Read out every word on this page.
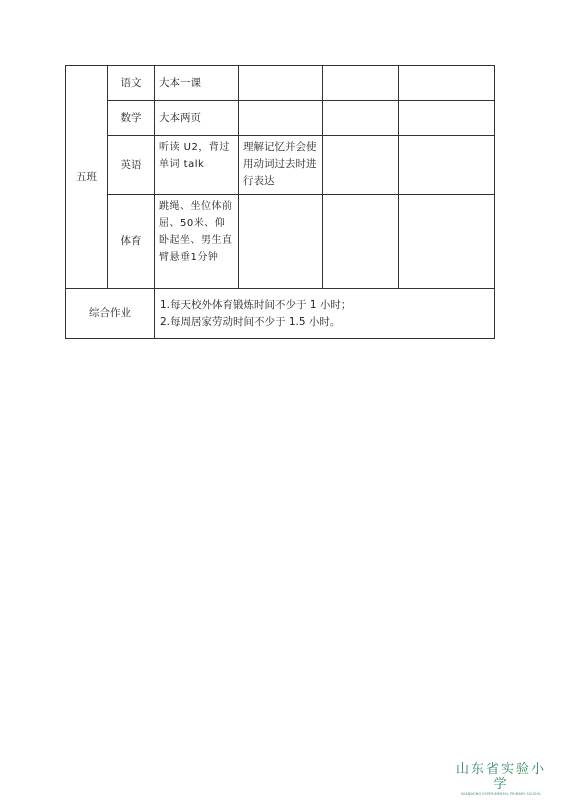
五班	语文	大本一课			
	数学	大本两页			
	英语	听读 U2，背过单词 talk	理解记忆并会使用动词过去时进行表达		
	体育	跳绳、坐位体前屈、50米、仰卧起坐、男生直臂悬垂1分钟			
综合作业		1.每天校外体育锻炼时间不少于 1 小时；
2.每周居家劳动时间不少于 1.5 小时。			
山东省实验小学
SHANDONG EXPERIMENTAL PRIMARY SCHOOL
